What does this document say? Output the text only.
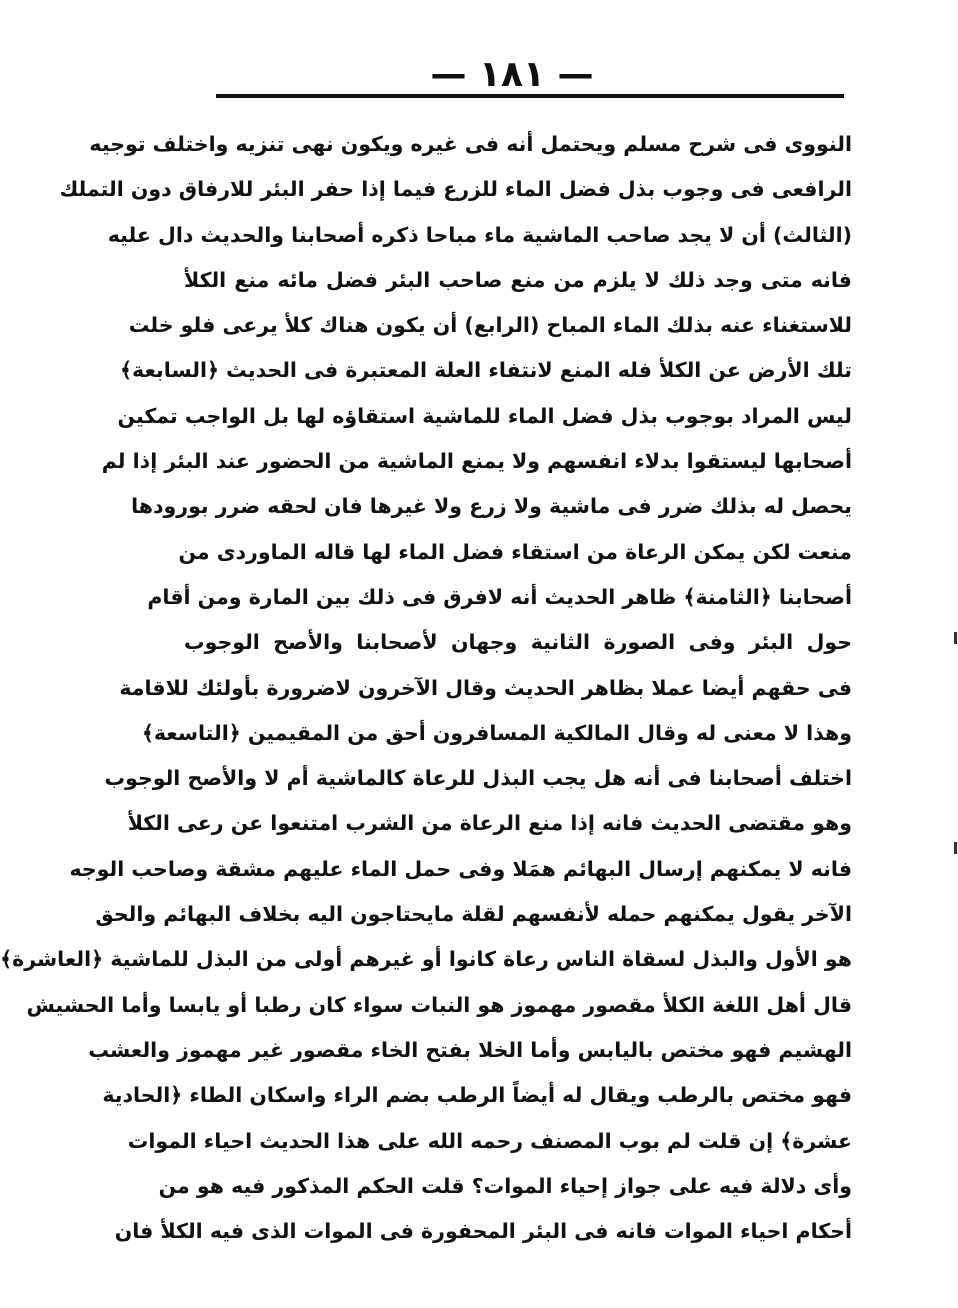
— ١٨١ —
النووى فى شرح مسلم ويحتمل أنه فى غيره ويكون نهى تنزيه واختلف توجيه
الرافعى فى وجوب بذل فضل الماء للزرع فيما إذا حفر البئر للارفاق دون التملك
(الثالث) أن لا يجد صاحب الماشية ماء مباحا ذكره أصحابنا والحديث دال عليه
فانه متى وجد ذلك لا يلزم من منع صاحب البئر فضل مائه منع الكلأ
للاستغناء عنه بذلك الماء المباح (الرابع) أن يكون هناك كلأ يرعى فلو خلت
تلك الأرض عن الكلأ فله المنع لانتفاء العلة المعتبرة فى الحديث ﴿السابعة﴾
ليس المراد بوجوب بذل فضل الماء للماشية استقاؤه لها بل الواجب تمكين
أصحابها ليستقوا بدلاء انفسهم ولا يمنع الماشية من الحضور عند البئر إذا لم
يحصل له بذلك ضرر فى ماشية ولا زرع ولا غيرها فان لحقه ضرر بورودها
منعت لكن يمكن الرعاة من استقاء فضل الماء لها قاله الماوردى من
أصحابنا ﴿الثامنة﴾ ظاهر الحديث أنه لافرق فى ذلك بين المارة ومن أقام
حول البئر وفى الصورة الثانية وجهان لأصحابنا والأصح الوجوب
فى حقهم أيضا عملا بظاهر الحديث وقال الآخرون لاضرورة بأولئك للاقامة
وهذا لا معنى له وقال المالكية المسافرون أحق من المقيمين ﴿التاسعة﴾
اختلف أصحابنا فى أنه هل يجب البذل للرعاة كالماشية أم لا والأصح الوجوب
وهو مقتضى الحديث فانه إذا منع الرعاة من الشرب امتنعوا عن رعى الكلأ
فانه لا يمكنهم إرسال البهائم همَلا وفى حمل الماء عليهم مشقة وصاحب الوجه
الآخر يقول يمكنهم حمله لأنفسهم لقلة مايحتاجون اليه بخلاف البهائم والحق
هو الأول والبذل لسقاة الناس رعاة كانوا أو غيرهم أولى من البذل للماشية ﴿العاشرة﴾
قال أهل اللغة الكلأ مقصور مهموز هو النبات سواء كان رطبا أو يابسا وأما الحشيش
الهشيم فهو مختص باليابس وأما الخلا بفتح الخاء مقصور غير مهموز والعشب
فهو مختص بالرطب ويقال له أيضاً الرطب بضم الراء واسكان الطاء ﴿الحادية
عشرة﴾ إن قلت لم بوب المصنف رحمه الله على هذا الحديث احياء الموات
وأى دلالة فيه على جواز إحياء الموات؟ قلت الحكم المذكور فيه هو من
أحكام احياء الموات فانه فى البئر المحفورة فى الموات الذى فيه الكلأ فان
